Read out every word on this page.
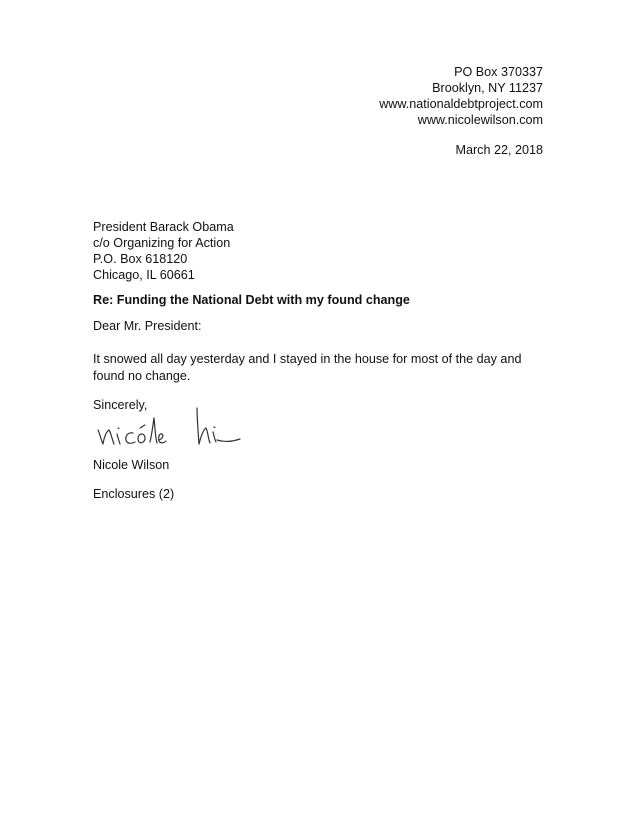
PO Box 370337
Brooklyn, NY 11237
www.nationaldebtproject.com
www.nicolewilson.com
March 22, 2018
President Barack Obama
c/o Organizing for Action
P.O. Box 618120
Chicago, IL 60661
Re: Funding the National Debt with my found change
Dear Mr. President:
It snowed all day yesterday and I stayed in the house for most of the day and found no change.
Sincerely,
Nicole Wilson
Enclosures (2)
